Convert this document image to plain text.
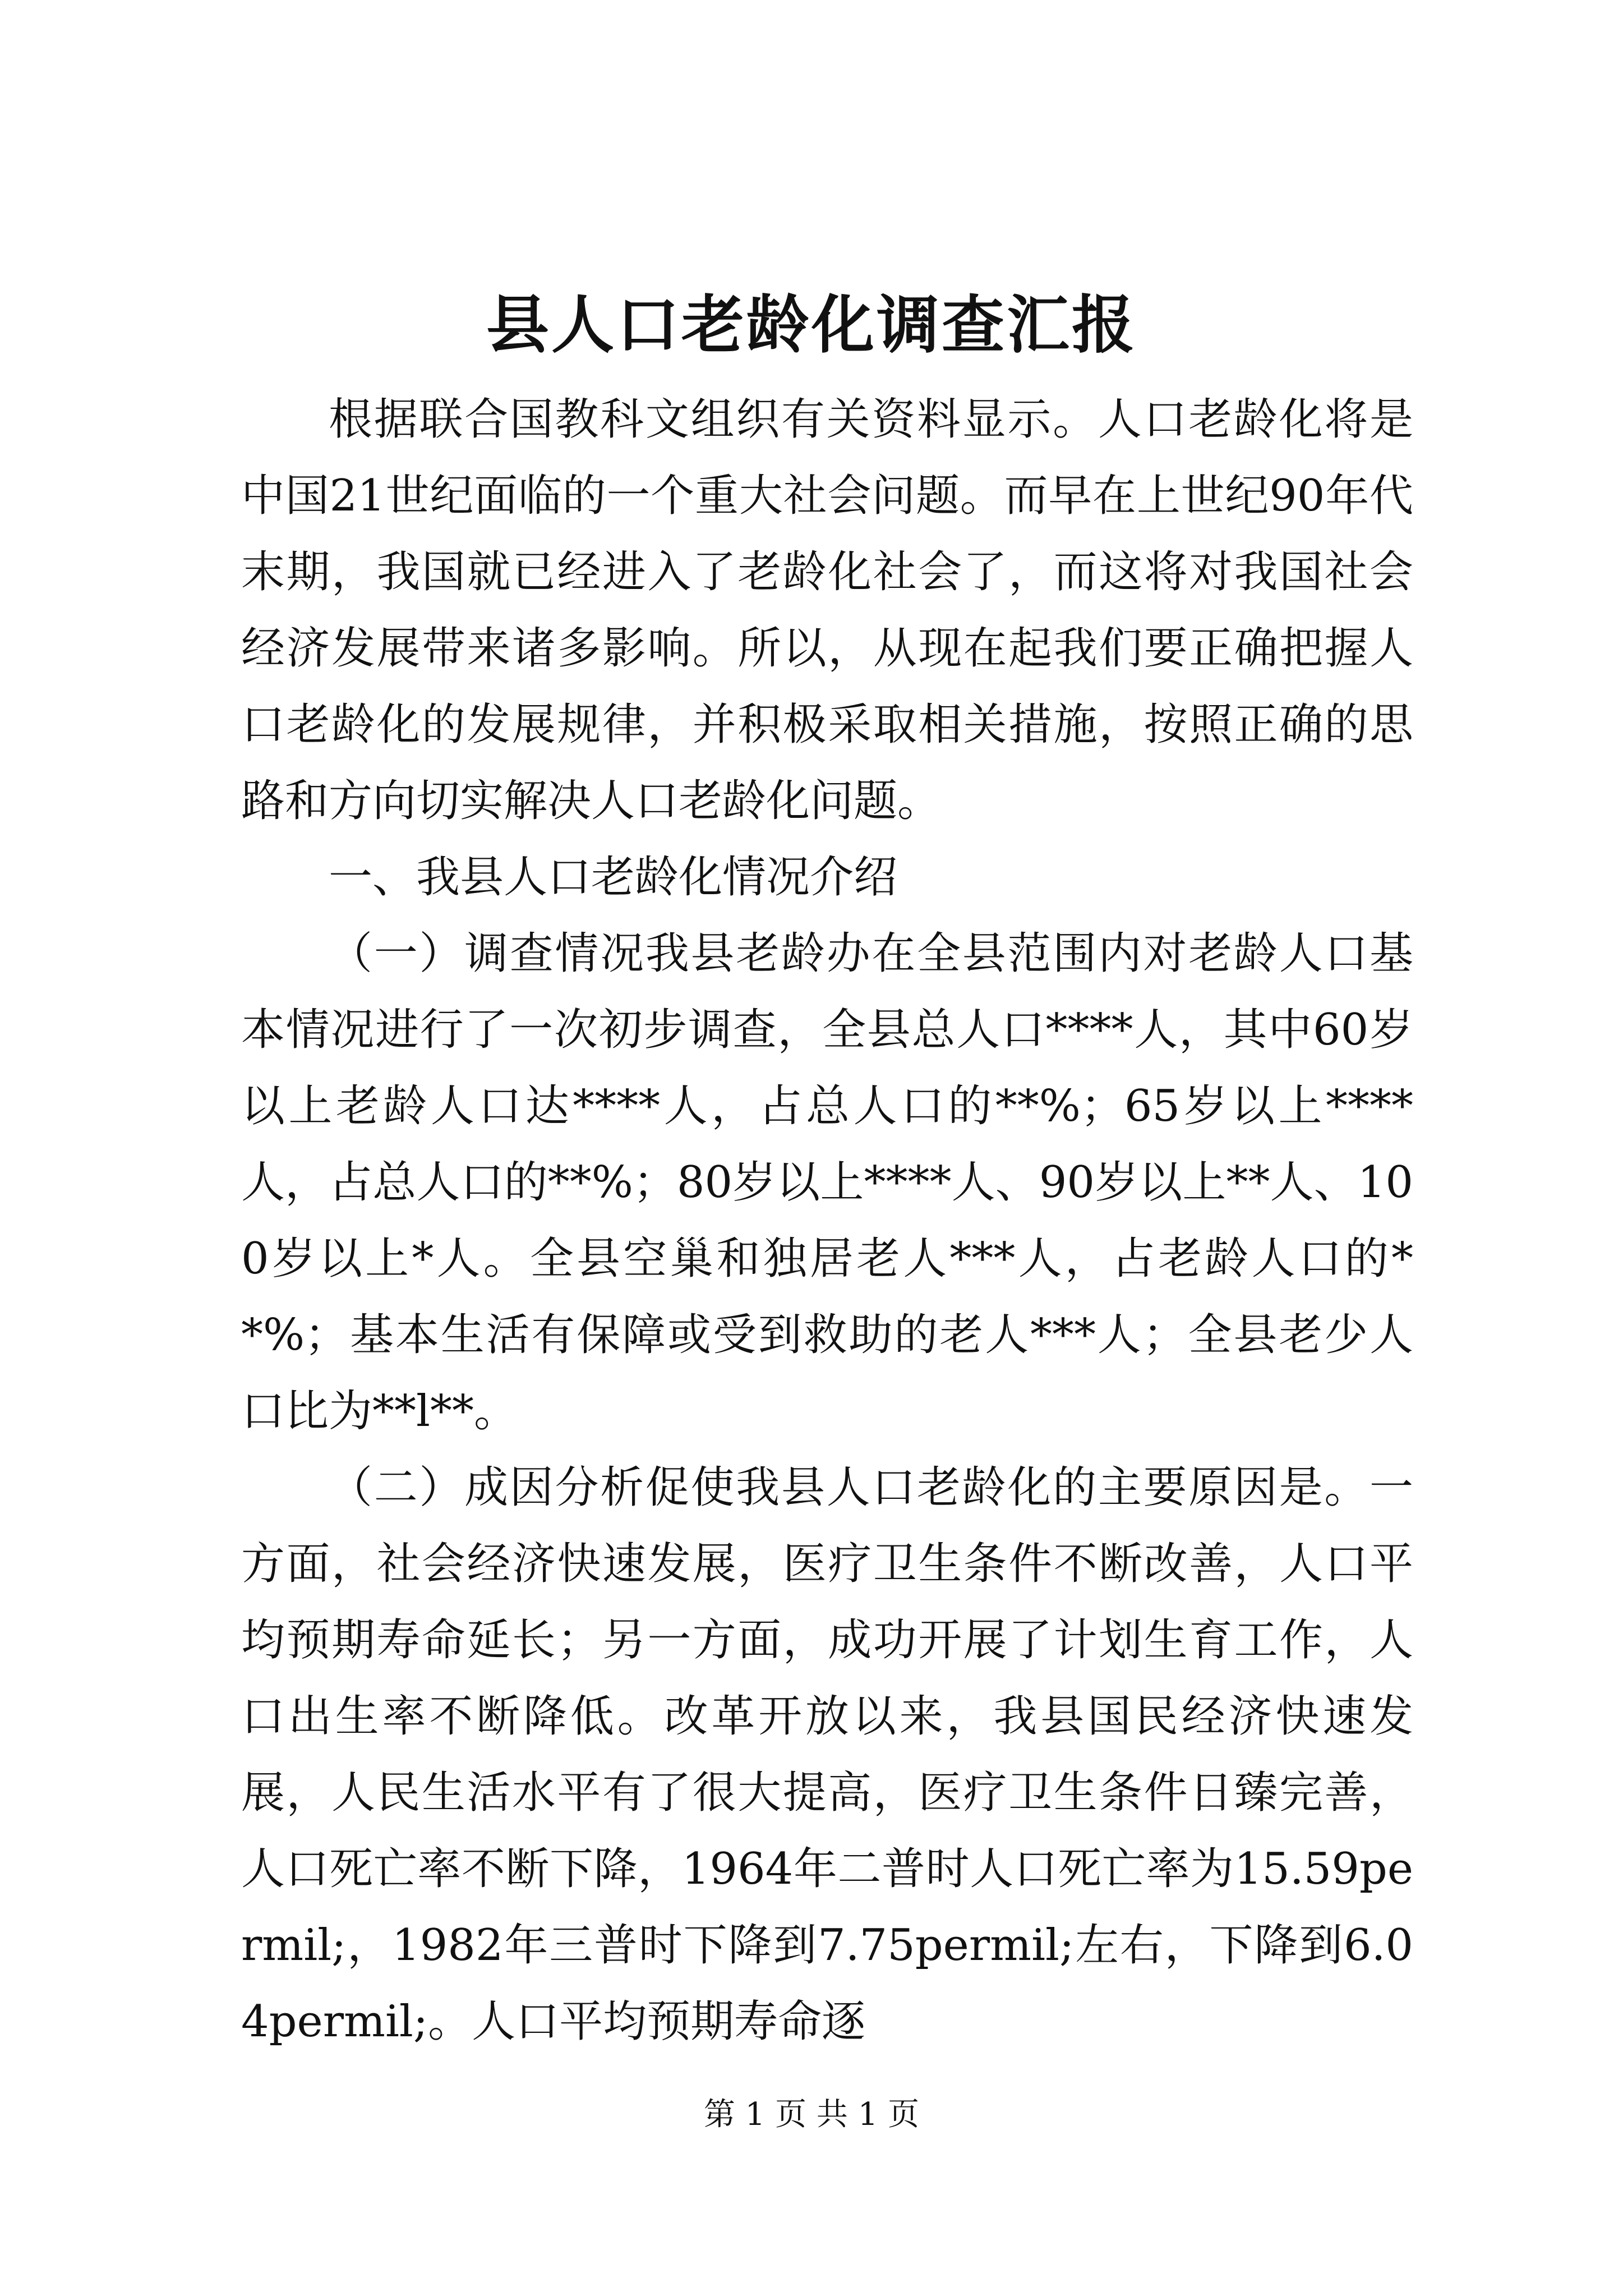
县人口老龄化调查汇报

根据联合国教科文组织有关资料显示。人口老龄化将是中国21世纪面临的一个重大社会问题。而早在上世纪90年代末期，我国就已经进入了老龄化社会了，而这将对我国社会经济发展带来诸多影响。所以，从现在起我们要正确把握人口老龄化的发展规律，并积极采取相关措施，按照正确的思路和方向切实解决人口老龄化问题。

一、我县人口老龄化情况介绍

（一）调查情况我县老龄办在全县范围内对老龄人口基本情况进行了一次初步调查，全县总人口****人，其中60岁以上老龄人口达****人，占总人口的**%；65岁以上****人，占总人口的**%；80岁以上****人、90岁以上**人、100岁以上*人。全县空巢和独居老人***人，占老龄人口的**%；基本生活有保障或受到救助的老人***人；全县老少人口比为**l**。

（二）成因分析促使我县人口老龄化的主要原因是。一方面，社会经济快速发展，医疗卫生条件不断改善，人口平均预期寿命延长；另一方面，成功开展了计划生育工作，人口出生率不断降低。改革开放以来，我县国民经济快速发展，人民生活水平有了很大提高，医疗卫生条件日臻完善，人口死亡率不断下降，1964年二普时人口死亡率为15.59permil;，1982年三普时下降到7.75permil;左右，下降到6.04permil;。人口平均预期寿命逐

第 1 页 共 1 页
